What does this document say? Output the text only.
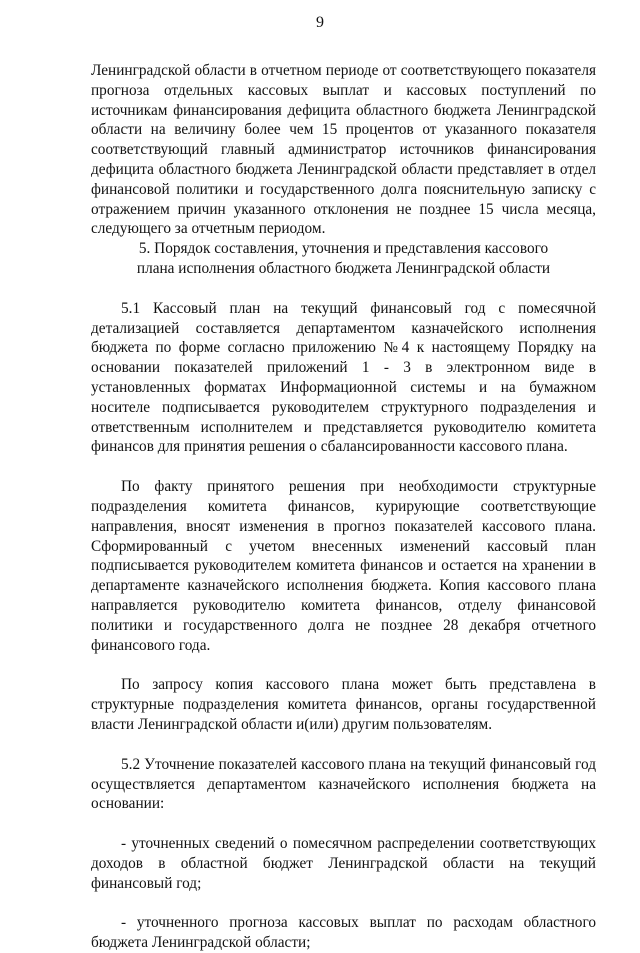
9

Ленинградской области в отчетном периоде от соответствующего показателя прогноза отдельных кассовых выплат и кассовых поступлений по источникам финансирования дефицита областного бюджета Ленинградской области на величину более чем 15 процентов от указанного показателя соответствующий главный администратор источников финансирования дефицита областного бюджета Ленинградской области представляет в отдел финансовой политики и государственного долга пояснительную записку с отражением причин указанного отклонения не позднее 15 числа месяца, следующего за отчетным периодом.

5. Порядок составления, уточнения и представления кассового
плана исполнения областного бюджета Ленинградской области

5.1 Кассовый план на текущий финансовый год с помесячной детализацией составляется департаментом казначейского исполнения бюджета по форме согласно приложению №4 к настоящему Порядку на основании показателей приложений 1 - 3 в электронном виде в установленных форматах Информационной системы и на бумажном носителе подписывается руководителем структурного подразделения и ответственным исполнителем и представляется руководителю комитета финансов для принятия решения о сбалансированности кассового плана.

По факту принятого решения при необходимости структурные подразделения комитета финансов, курирующие соответствующие направления, вносят изменения в прогноз показателей кассового плана. Сформированный с учетом внесенных изменений кассовый план подписывается руководителем комитета финансов и остается на хранении в департаменте казначейского исполнения бюджета. Копия кассового плана направляется руководителю комитета финансов, отделу финансовой политики и государственного долга не позднее 28 декабря отчетного финансового года.

По запросу копия кассового плана может быть представлена в структурные подразделения комитета финансов, органы государственной власти Ленинградской области и(или) другим пользователям.

5.2 Уточнение показателей кассового плана на текущий финансовый год осуществляется департаментом казначейского исполнения бюджета на основании:

- уточненных сведений о помесячном распределении соответствующих доходов в областной бюджет Ленинградской области на текущий финансовый год;

- уточненного прогноза кассовых выплат по расходам областного бюджета Ленинградской области;
